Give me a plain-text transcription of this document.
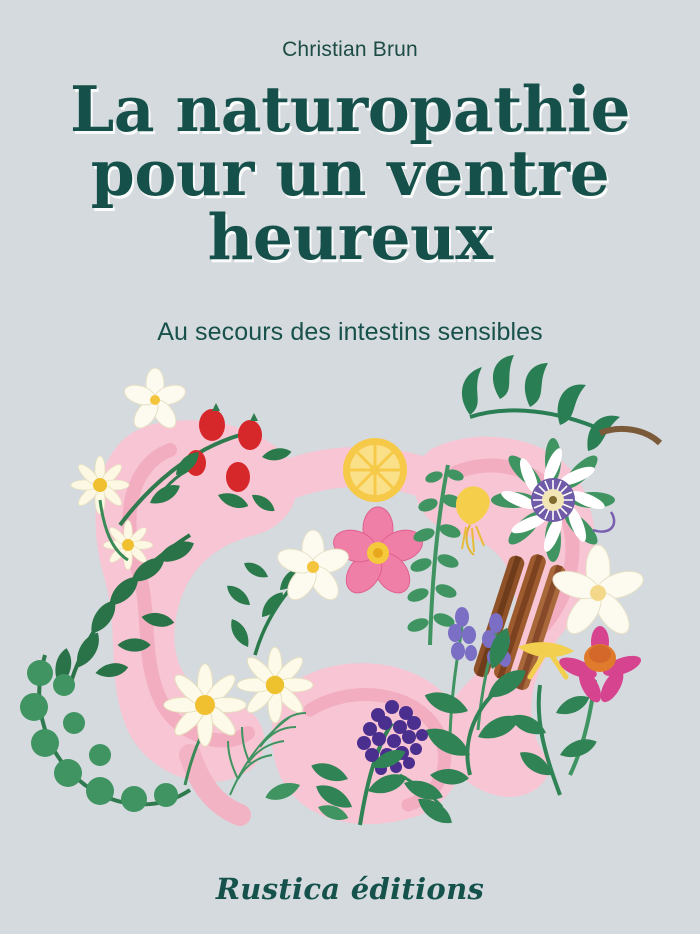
Christian Brun
La naturopathie
pour un ventre
heureux
Au secours des intestins sensibles
Rustica éditions
